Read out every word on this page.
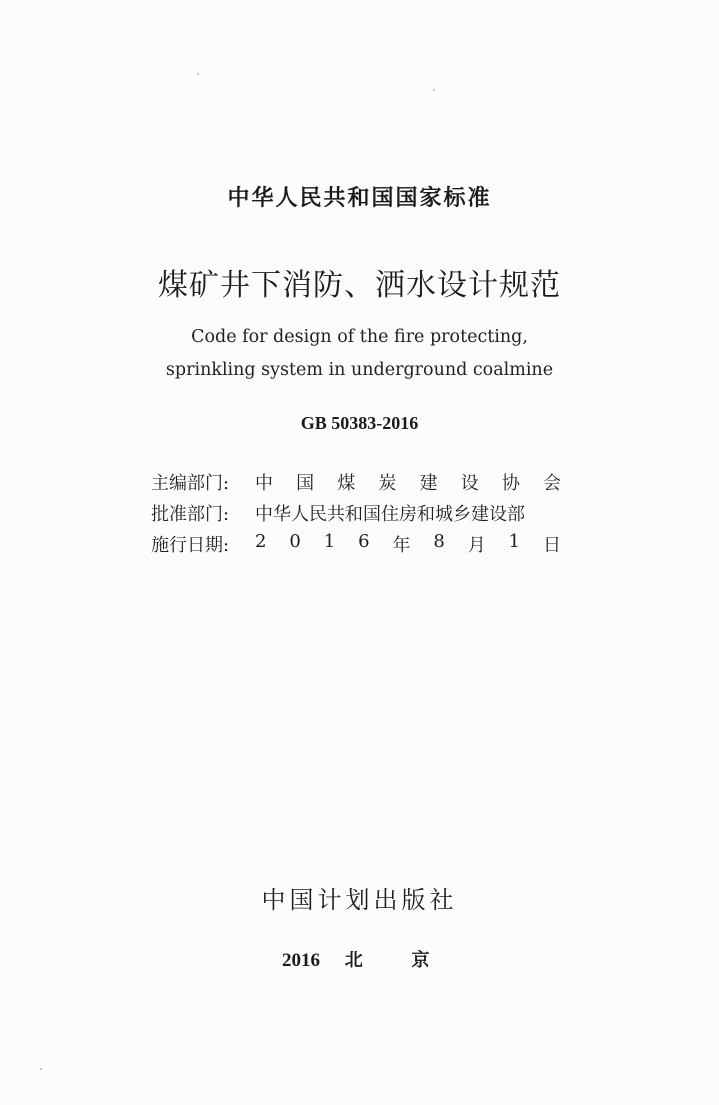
中华人民共和国国家标准
煤矿井下消防、洒水设计规范
Code for design of the fire protecting,
sprinkling system in underground coalmine
GB 50383-2016
主编部门:	中 国 煤 炭 建 设 协 会
批准部门:	中华人民共和国住房和城乡建设部
施行日期:	2 0 1 6 年 8 月 1 日
中国计划出版社
2016 北	京
